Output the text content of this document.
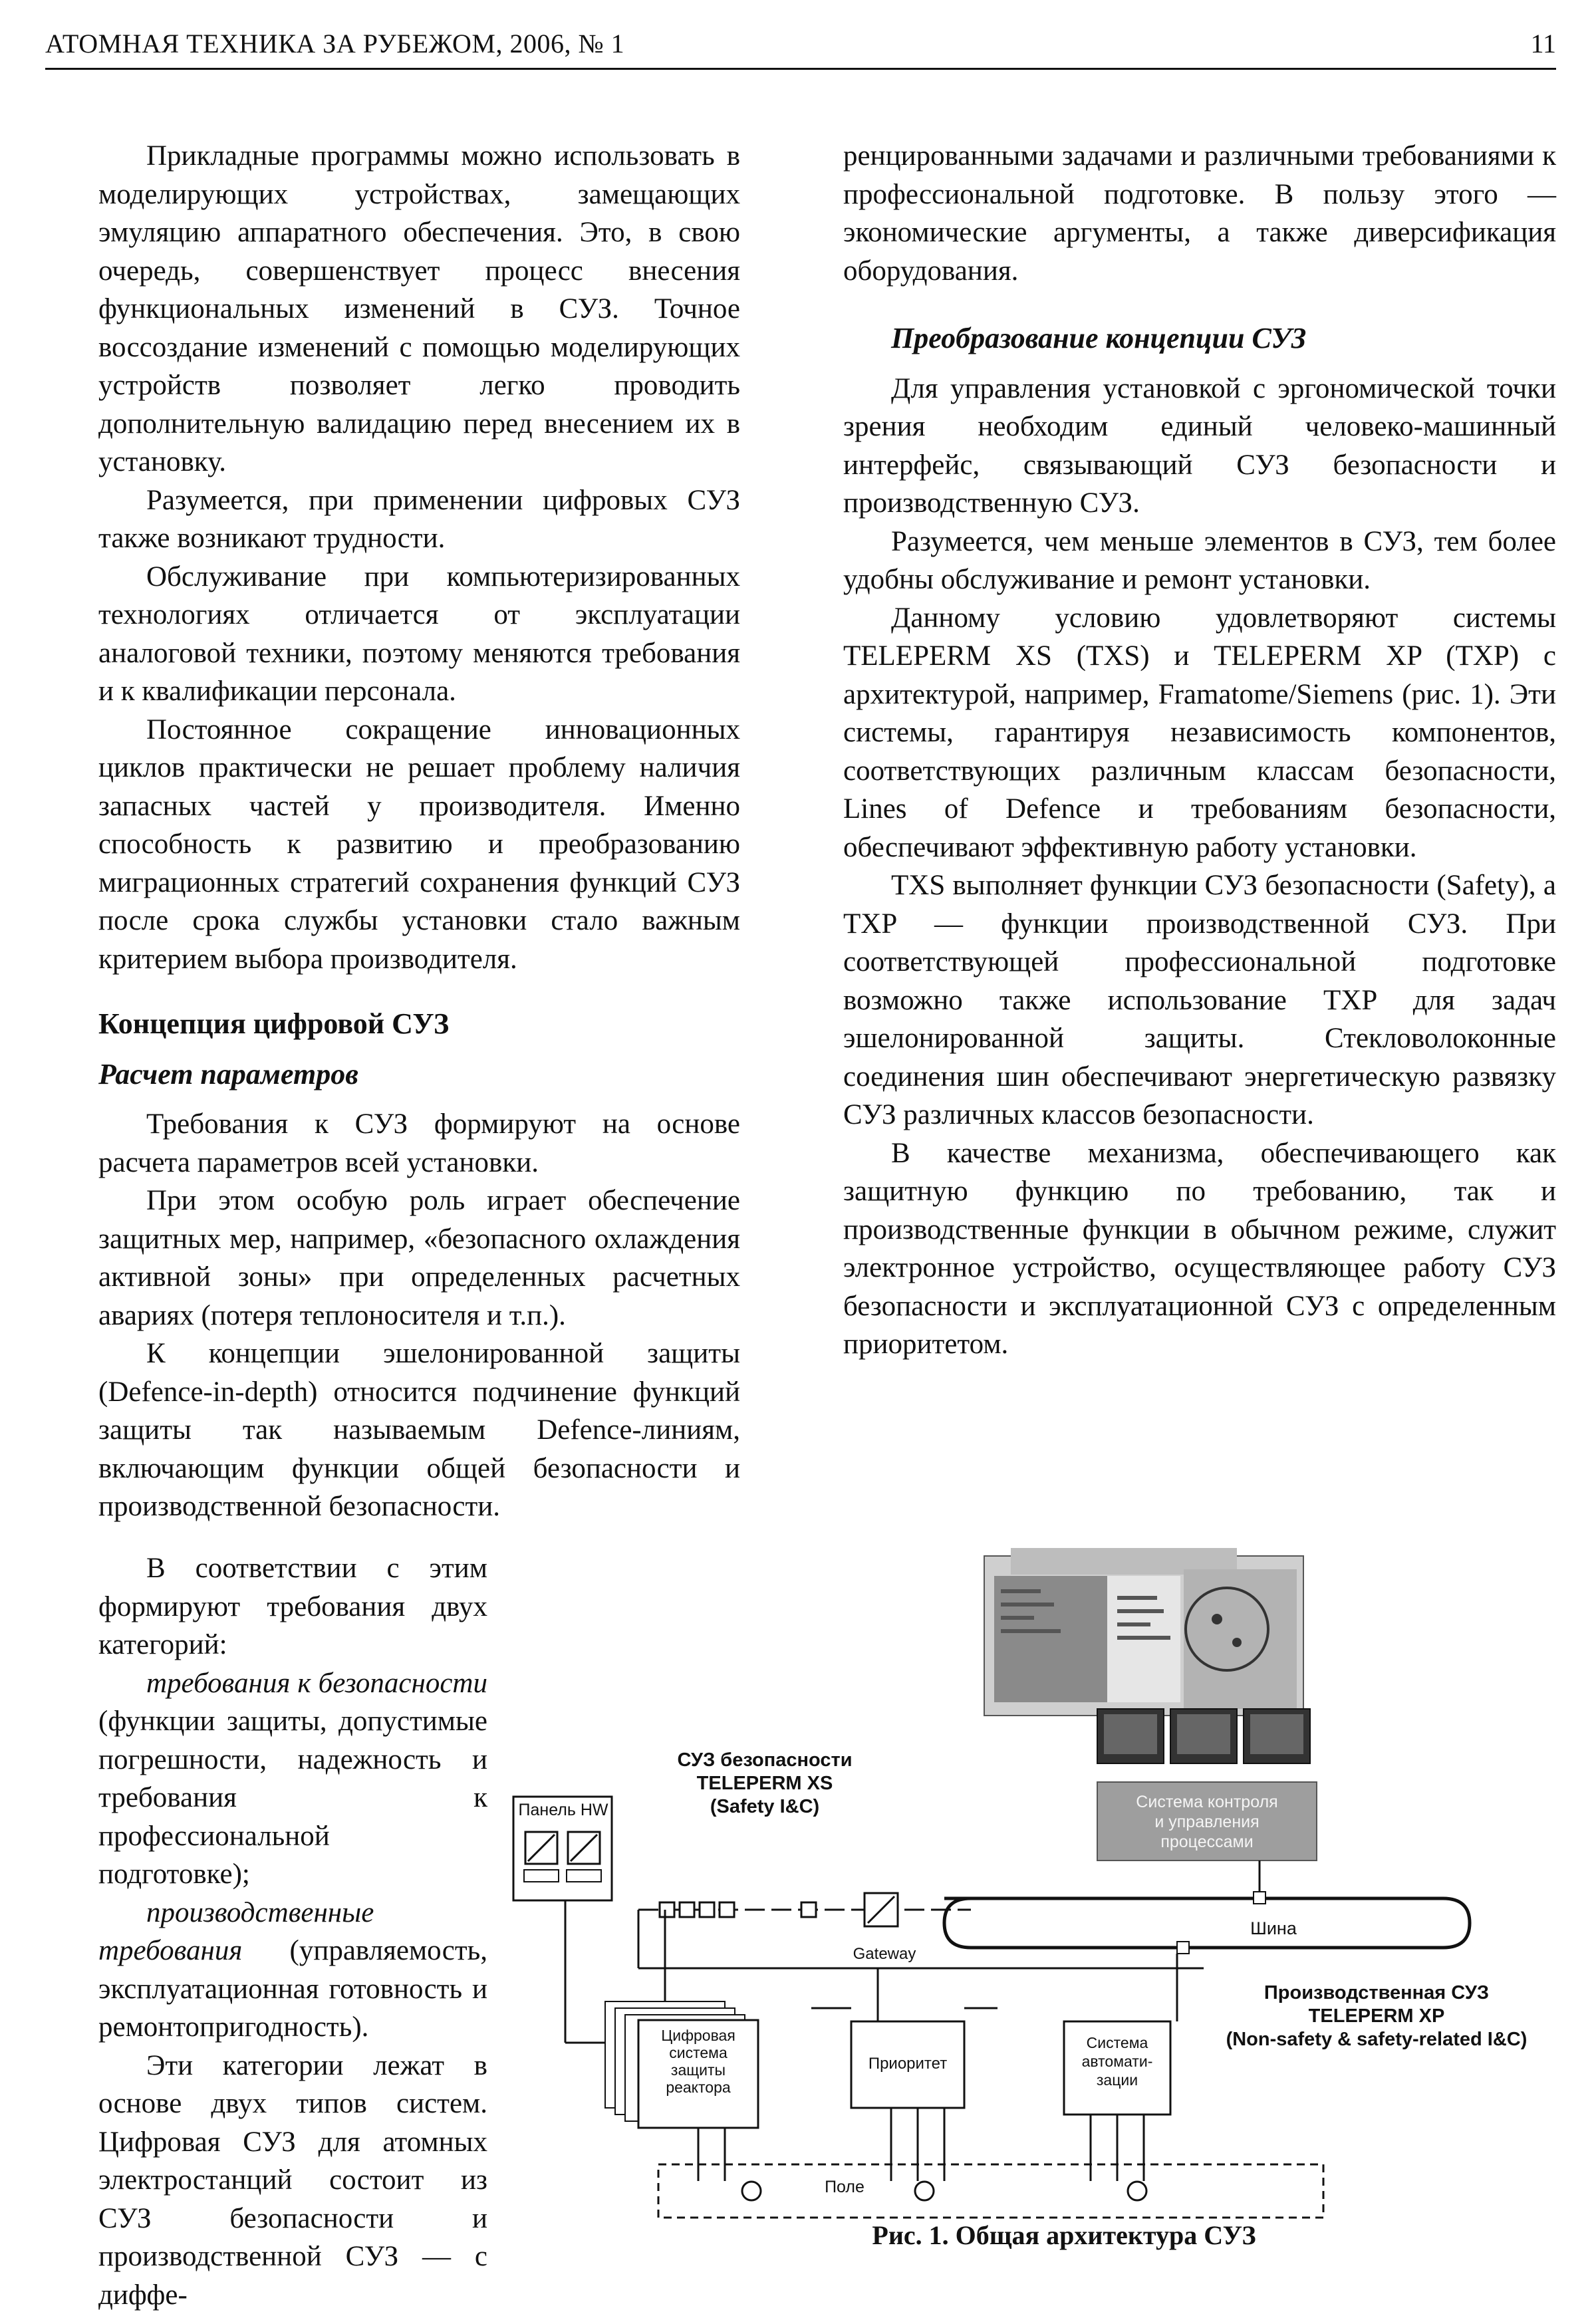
АТОМНАЯ ТЕХНИКА ЗА РУБЕЖОМ, 2006, № 1	11

Прикладные программы можно использовать в моделирующих устройствах, замещающих эмуляцию аппаратного обеспечения. Это, в свою очередь, совершенствует процесс внесения функциональных изменений в СУЗ. Точное воссоздание изменений с помощью моделирующих устройств позволяет легко проводить дополнительную валидацию перед внесением их в установку.

Разумеется, при применении цифровых СУЗ также возникают трудности.

Обслуживание при компьютеризированных технологиях отличается от эксплуатации аналоговой техники, поэтому меняются требования и к квалификации персонала.

Постоянное сокращение инновационных циклов практически не решает проблему наличия запасных частей у производителя. Именно способность к развитию и преобразованию миграционных стратегий сохранения функций СУЗ после срока службы установки стало важным критерием выбора производителя.

Концепция цифровой СУЗ

Расчет параметров

Требования к СУЗ формируют на основе расчета параметров всей установки.

При этом особую роль играет обеспечение защитных мер, например, «безопасного охлаждения активной зоны» при определенных расчетных авариях (потеря теплоносителя и т.п.).

К концепции эшелонированной защиты (Defence-in-depth) относится подчинение функций защиты так называемым Defence-линиям, включающим функции общей безопасности и производственной безопасности.

В соответствии с этим формируют требования двух категорий:

требования к безопасности (функции защиты, допустимые погрешности, надежность и требования к профессиональной подготовке);

производственные требования (управляемость, эксплуатационная готовность и ремонтопригодность).

Эти категории лежат в основе двух типов систем. Цифровая СУЗ для атомных электростанций состоит из СУЗ безопасности и производственной СУЗ — с диффе-

ренцированными задачами и различными требованиями к профессиональной подготовке. В пользу этого — экономические аргументы, а также диверсификация оборудования.

Преобразование концепции СУЗ

Для управления установкой с эргономической точки зрения необходим единый человеко-машинный интерфейс, связывающий СУЗ безопасности и производственную СУЗ.

Разумеется, чем меньше элементов в СУЗ, тем более удобны обслуживание и ремонт установки.

Данному условию удовлетворяют системы TELEPERM XS (TXS) и TELEPERM XP (TXP) с архитектурой, например, Framatome/Siemens (рис. 1). Эти системы, гарантируя независимость компонентов, соответствующих различным классам безопасности, Lines of Defence и требованиям безопасности, обеспечивают эффективную работу установки.

TXS выполняет функции СУЗ безопасности (Safety), а TXP — функции производственной СУЗ. При соответствующей профессиональной подготовке возможно также использование TXP для задач эшелонированной защиты. Стекловолоконные соединения шин обеспечивают энергетическую развязку СУЗ различных классов безопасности.

В качестве механизма, обеспечивающего как защитную функцию по требованию, так и производственные функции в обычном режиме, служит электронное устройство, осуществляющее работу СУЗ безопасности и эксплуатационной СУЗ с определенным приоритетом.

СУЗ безопасности
TELEPERM XS
(Safety I&C)
Панель HW	Система контроля
и управления
процессами
Шина
Gateway
Производственная СУЗ
TELEPERM XP
(Non-safety & safety-related I&C)
Цифровая
система
защиты
реактора
Приоритет
Система
автомати-
зации
Поле
Рис. 1. Общая архитектура СУЗ
